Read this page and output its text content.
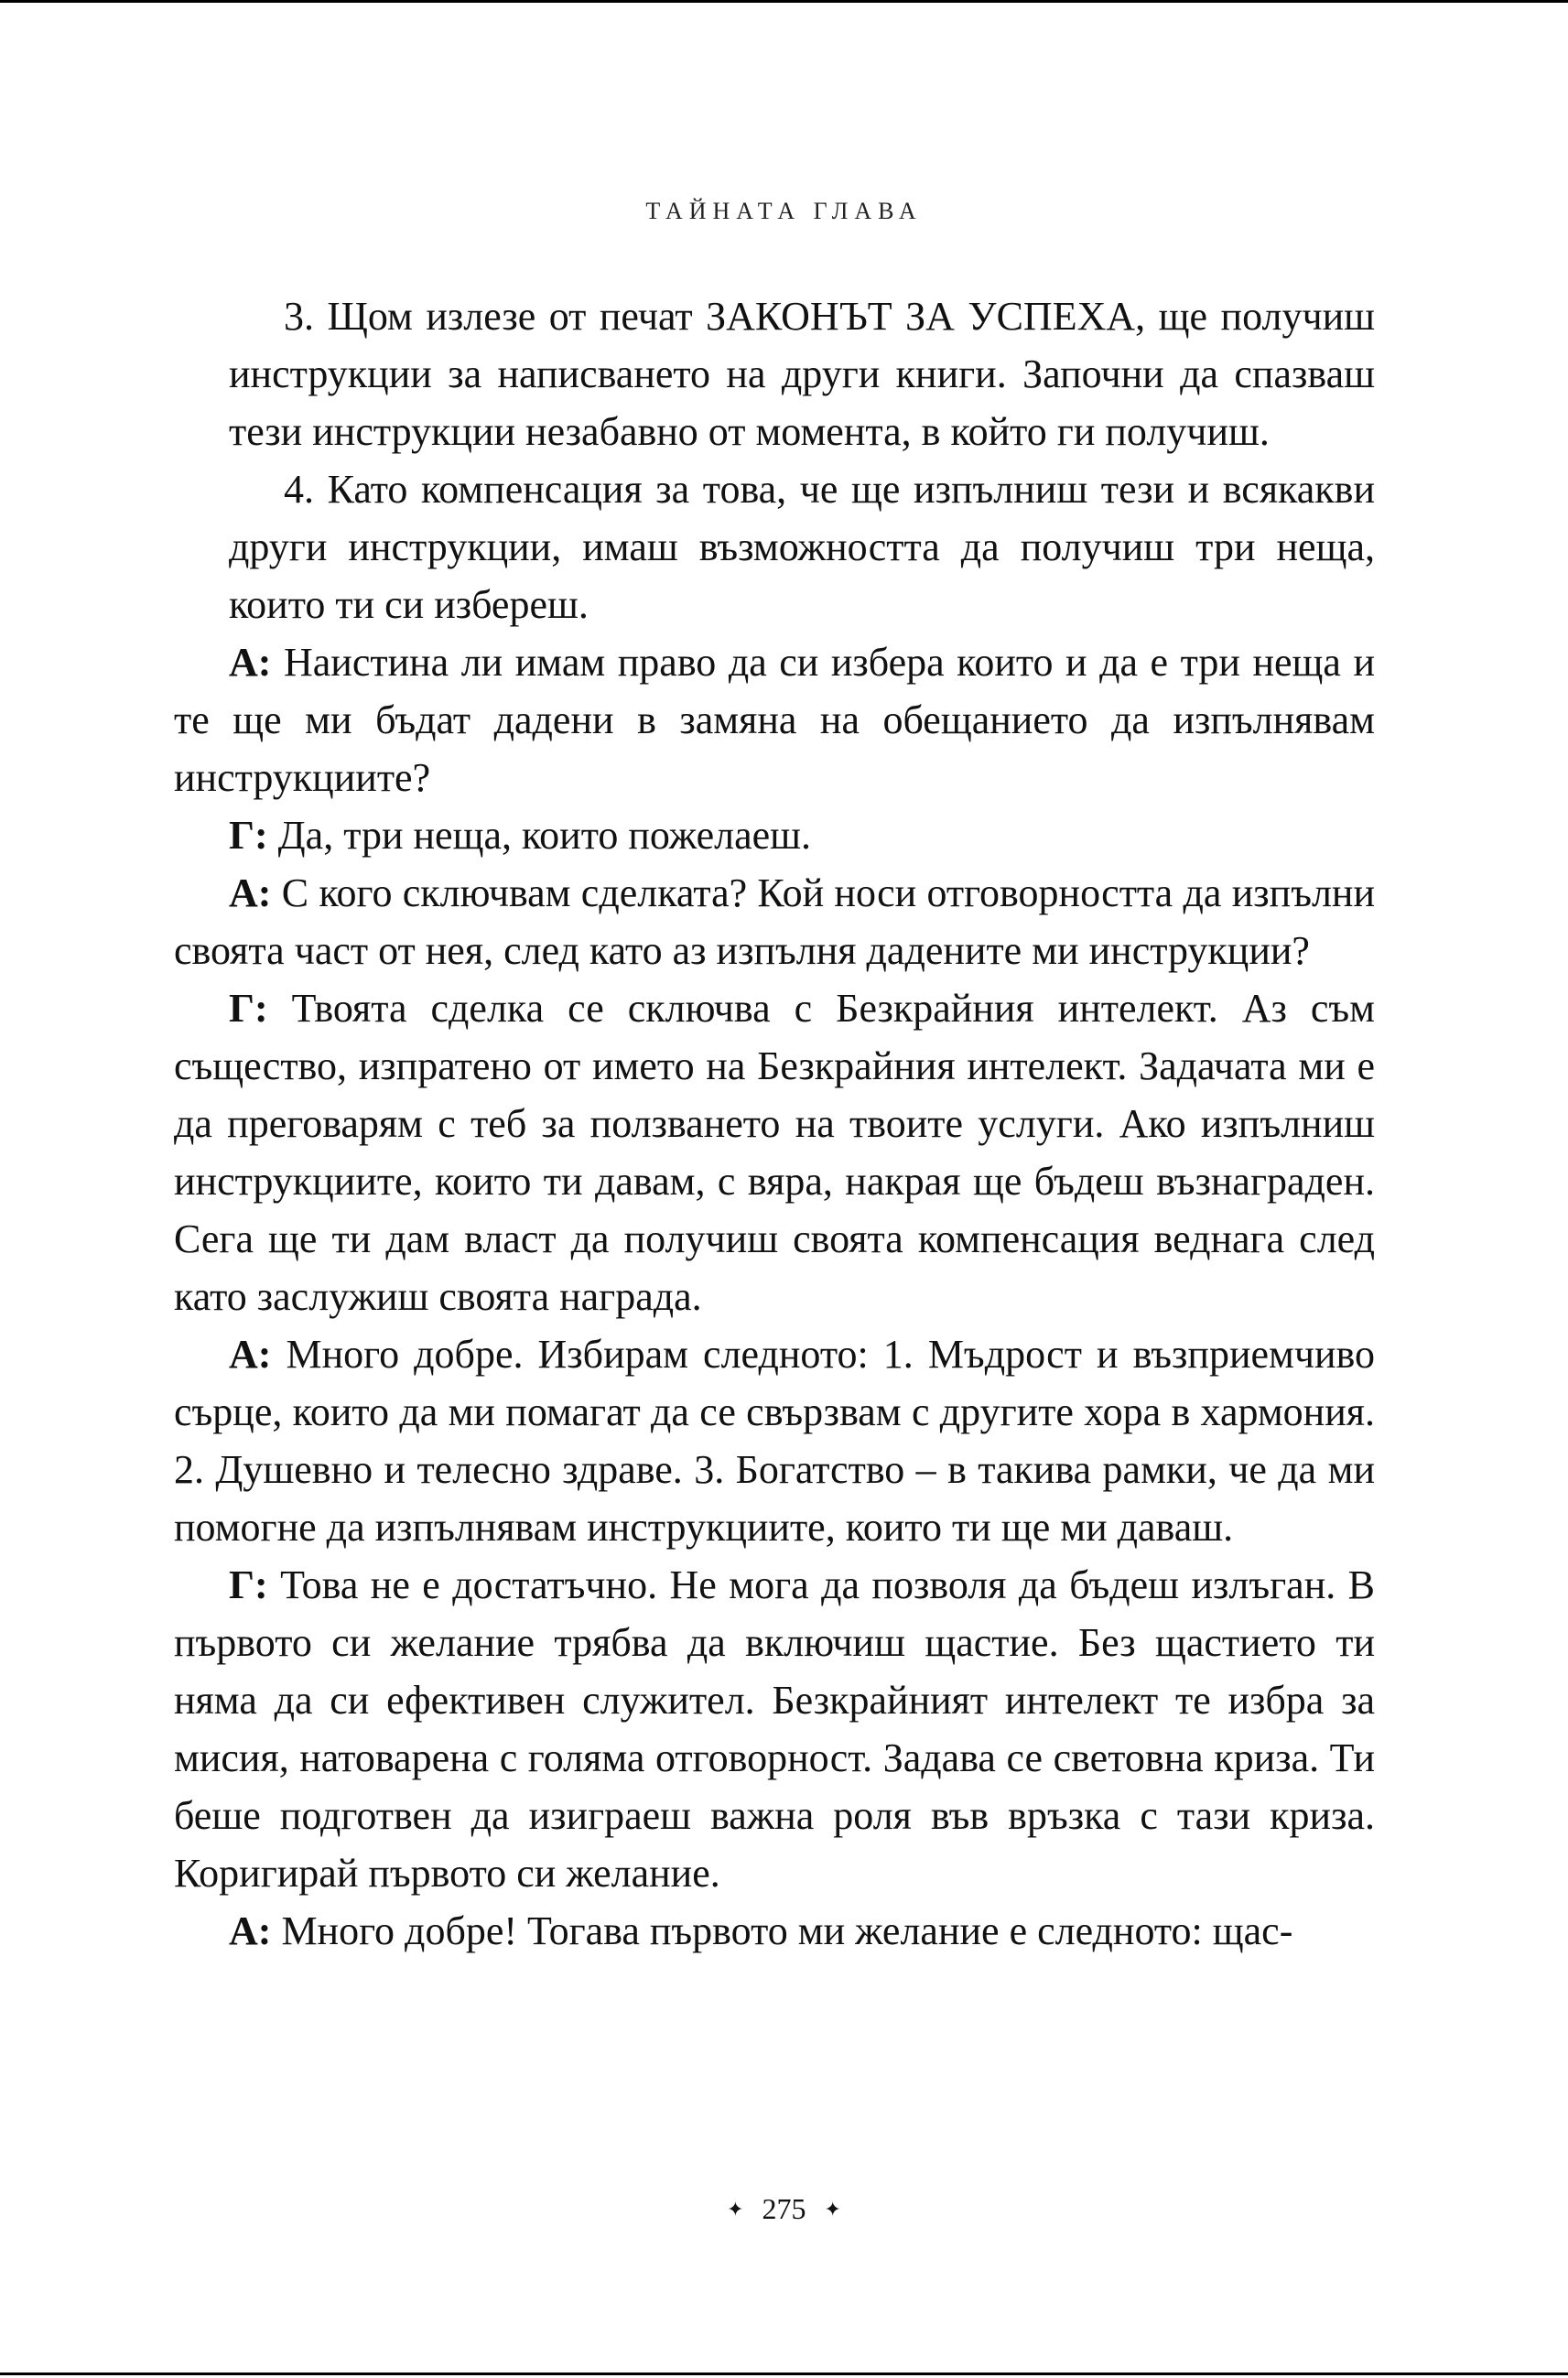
ТАЙНАТА ГЛАВА

3. Щом излезе от печат ЗАКОНЪТ ЗА УСПЕХА, ще получиш инструкции за написването на други книги. Започни да спазваш тези инструкции незабавно от момента, в който ги получиш.

4. Като компенсация за това, че ще изпълниш тези и всякакви други инструкции, имаш възможността да получиш три неща, които ти си избереш.

А: Наистина ли имам право да си избера които и да е три неща и те ще ми бъдат дадени в замяна на обещанието да изпълнявам инструкциите?

Г: Да, три неща, които пожелаеш.

А: С кого сключвам сделката? Кой носи отговорността да изпълни своята част от нея, след като аз изпълня дадените ми инструкции?

Г: Твоята сделка се сключва с Безкрайния интелект. Аз съм същество, изпратено от името на Безкрайния интелект. Задачата ми е да преговарям с теб за ползването на твоите услуги. Ако изпълниш инструкциите, които ти давам, с вяра, накрая ще бъдеш възнаграден. Сега ще ти дам власт да получиш своята компенсация веднага след като заслужиш своята награда.

А: Много добре. Избирам следното: 1. Мъдрост и възприемчиво сърце, които да ми помагат да се свързвам с другите хора в хармония. 2. Душевно и телесно здраве. 3. Богатство – в такива рамки, че да ми помогне да изпълнявам инструкциите, които ти ще ми даваш.

Г: Това не е достатъчно. Не мога да позволя да бъдеш излъган. В първото си желание трябва да включиш щастие. Без щастието ти няма да си ефективен служител. Безкрайният интелект те избра за мисия, натоварена с голяма отговорност. Задава се световна криза. Ти беше подготвен да изиграеш важна роля във връзка с тази криза. Коригирай първото си желание.

А: Много добре! Тогава първото ми желание е следното: щас-

✦ 275 ✦
